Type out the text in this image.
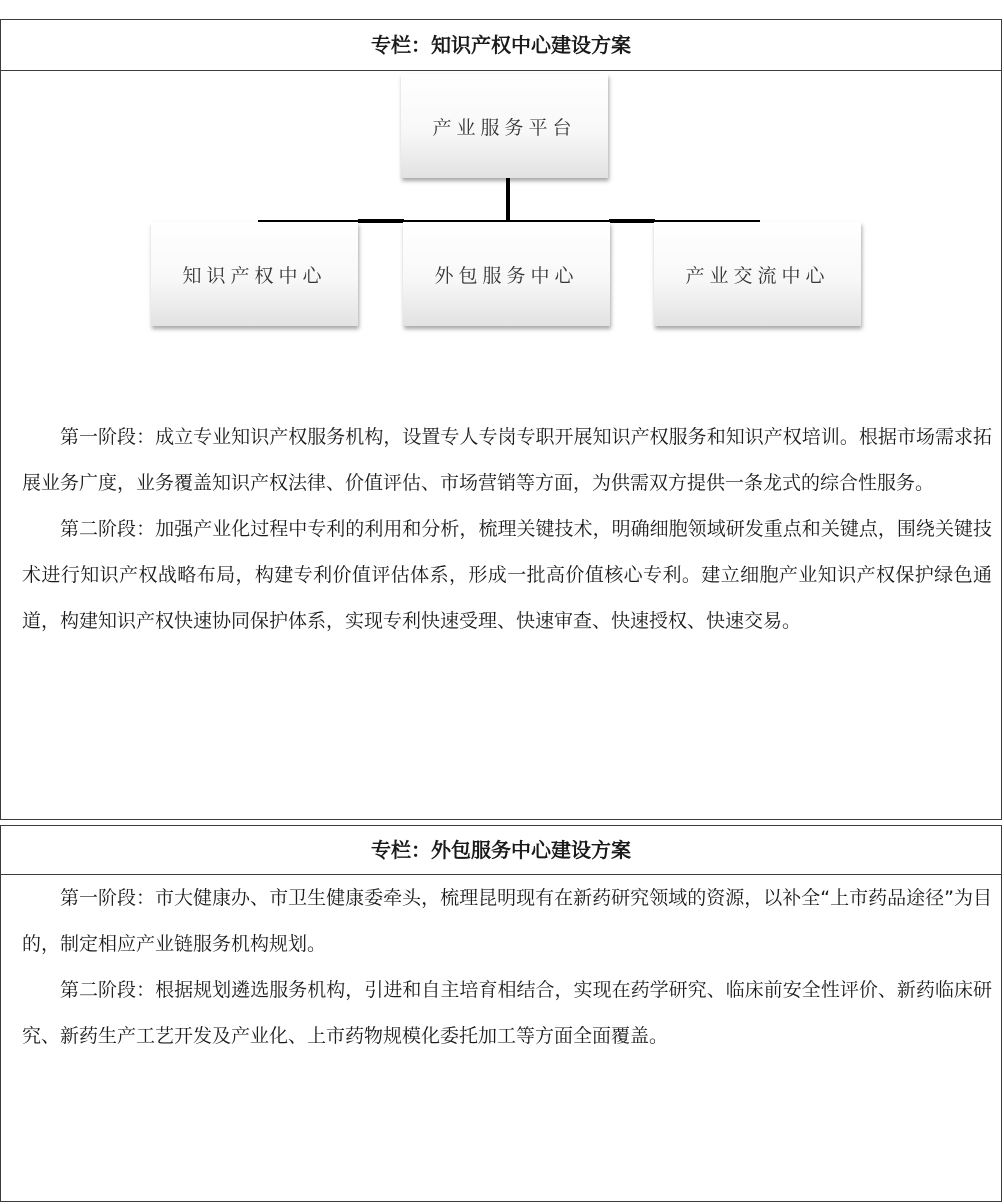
专栏：知识产权中心建设方案
产业服务平台
知识产权中心	外包服务中心	产业交流中心

第一阶段：成立专业知识产权服务机构，设置专人专岗专职开展知识产权服务和知识产权培训。根据市场需求拓展业务广度，业务覆盖知识产权法律、价值评估、市场营销等方面，为供需双方提供一条龙式的综合性服务。

第二阶段：加强产业化过程中专利的利用和分析，梳理关键技术，明确细胞领域研发重点和关键点，围绕关键技术进行知识产权战略布局，构建专利价值评估体系，形成一批高价值核心专利。建立细胞产业知识产权保护绿色通道，构建知识产权快速协同保护体系，实现专利快速受理、快速审查、快速授权、快速交易。

专栏：外包服务中心建设方案

第一阶段：市大健康办、市卫生健康委牵头，梳理昆明现有在新药研究领域的资源，以补全“上市药品途径”为目的，制定相应产业链服务机构规划。

第二阶段：根据规划遴选服务机构，引进和自主培育相结合，实现在药学研究、临床前安全性评价、新药临床研究、新药生产工艺开发及产业化、上市药物规模化委托加工等方面全面覆盖。
